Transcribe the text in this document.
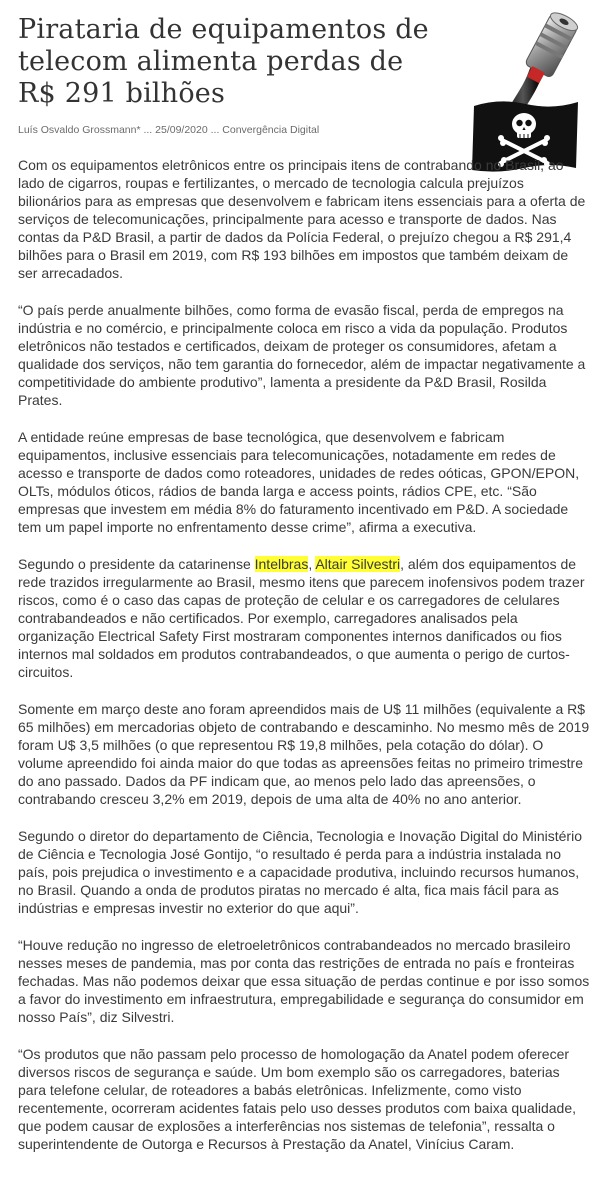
Pirataria de equipamentos de telecom alimenta perdas de R$ 291 bilhões
Luís Osvaldo Grossmann* ... 25/09/2020 ... Convergência Digital

Com os equipamentos eletrônicos entre os principais itens de contrabando no Brasil, ao lado de cigarros, roupas e fertilizantes, o mercado de tecnologia calcula prejuízos bilionários para as empresas que desenvolvem e fabricam itens essenciais para a oferta de serviços de telecomunicações, principalmente para acesso e transporte de dados. Nas contas da P&D Brasil, a partir de dados da Polícia Federal, o prejuízo chegou a R$ 291,4 bilhões para o Brasil em 2019, com R$ 193 bilhões em impostos que também deixam de ser arrecadados.

“O país perde anualmente bilhões, como forma de evasão fiscal, perda de empregos na indústria e no comércio, e principalmente coloca em risco a vida da população. Produtos eletrônicos não testados e certificados, deixam de proteger os consumidores, afetam a qualidade dos serviços, não tem garantia do fornecedor, além de impactar negativamente a competitividade do ambiente produtivo”, lamenta a presidente da P&D Brasil, Rosilda Prates.

A entidade reúne empresas de base tecnológica, que desenvolvem e fabricam equipamentos, inclusive essenciais para telecomunicações, notadamente em redes de acesso e transporte de dados como roteadores, unidades de redes oóticas, GPON/EPON, OLTs, módulos óticos, rádios de banda larga e access points, rádios CPE, etc. “São empresas que investem em média 8% do faturamento incentivado em P&D. A sociedade tem um papel importe no enfrentamento desse crime”, afirma a executiva.

Segundo o presidente da catarinense Intelbras, Altair Silvestri, além dos equipamentos de rede trazidos irregularmente ao Brasil, mesmo itens que parecem inofensivos podem trazer riscos, como é o caso das capas de proteção de celular e os carregadores de celulares contrabandeados e não certificados. Por exemplo, carregadores analisados pela organização Electrical Safety First mostraram componentes internos danificados ou fios internos mal soldados em produtos contrabandeados, o que aumenta o perigo de curtos-circuitos.

Somente em março deste ano foram apreendidos mais de U$ 11 milhões (equivalente a R$ 65 milhões) em mercadorias objeto de contrabando e descaminho. No mesmo mês de 2019 foram U$ 3,5 milhões (o que representou R$ 19,8 milhões, pela cotação do dólar). O volume apreendido foi ainda maior do que todas as apreensões feitas no primeiro trimestre do ano passado. Dados da PF indicam que, ao menos pelo lado das apreensões, o contrabando cresceu 3,2% em 2019, depois de uma alta de 40% no ano anterior.

Segundo o diretor do departamento de Ciência, Tecnologia e Inovação Digital do Ministério de Ciência e Tecnologia José Gontijo, “o resultado é perda para a indústria instalada no país, pois prejudica o investimento e a capacidade produtiva, incluindo recursos humanos, no Brasil. Quando a onda de produtos piratas no mercado é alta, fica mais fácil para as indústrias e empresas investir no exterior do que aqui”.

“Houve redução no ingresso de eletroeletrônicos contrabandeados no mercado brasileiro nesses meses de pandemia, mas por conta das restrições de entrada no país e fronteiras fechadas. Mas não podemos deixar que essa situação de perdas continue e por isso somos a favor do investimento em infraestrutura, empregabilidade e segurança do consumidor em nosso País”, diz Silvestri.

“Os produtos que não passam pelo processo de homologação da Anatel podem oferecer diversos riscos de segurança e saúde. Um bom exemplo são os carregadores, baterias para telefone celular, de roteadores a babás eletrônicas. Infelizmente, como visto recentemente, ocorreram acidentes fatais pelo uso desses produtos com baixa qualidade, que podem causar de explosões a interferências nos sistemas de telefonia”, ressalta o superintendente de Outorga e Recursos à Prestação da Anatel, Vinícius Caram.
